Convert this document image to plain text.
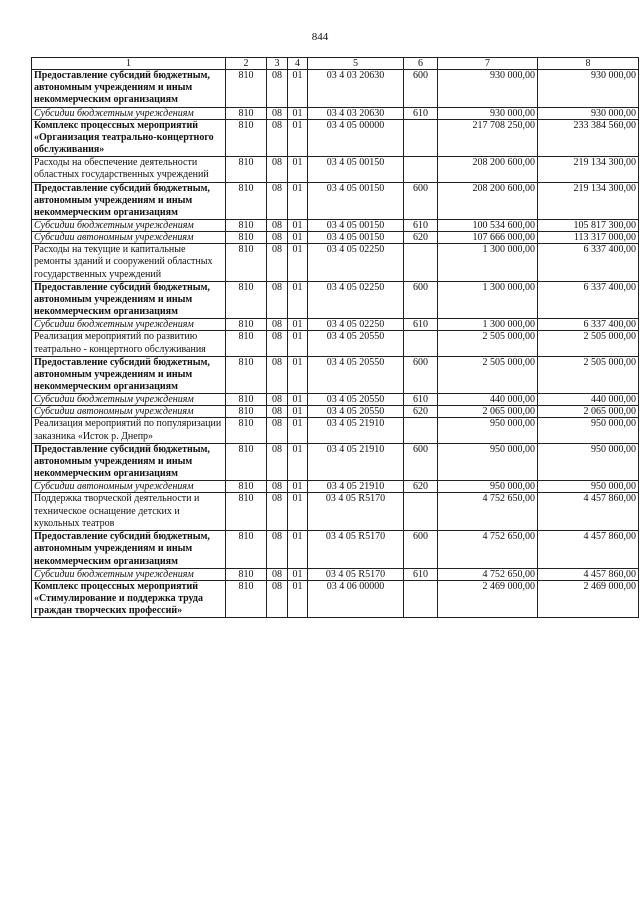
844
1	2	3	4	5	6	7	8
Предоставление субсидий бюджетным, автономным учреждениям и иным некоммерческим организациям	810	08	01	03 4 03 20630	600	930 000,00	930 000,00
Субсидии бюджетным учреждениям	810	08	01	03 4 03 20630	610	930 000,00	930 000,00
Комплекс процессных мероприятий «Организация театрально-концертного обслуживания»	810	08	01	03 4 05 00000		217 708 250,00	233 384 560,00
Расходы на обеспечение деятельности областных государственных учреждений	810	08	01	03 4 05 00150		208 200 600,00	219 134 300,00
Предоставление субсидий бюджетным, автономным учреждениям и иным некоммерческим организациям	810	08	01	03 4 05 00150	600	208 200 600,00	219 134 300,00
Субсидии бюджетным учреждениям	810	08	01	03 4 05 00150	610	100 534 600,00	105 817 300,00
Субсидии автономным учреждениям	810	08	01	03 4 05 00150	620	107 666 000,00	113 317 000,00
Расходы на текущие и капитальные ремонты зданий и сооружений областных государственных учреждений	810	08	01	03 4 05 02250		1 300 000,00	6 337 400,00
Предоставление субсидий бюджетным, автономным учреждениям и иным некоммерческим организациям	810	08	01	03 4 05 02250	600	1 300 000,00	6 337 400,00
Субсидии бюджетным учреждениям	810	08	01	03 4 05 02250	610	1 300 000,00	6 337 400,00
Реализация мероприятий по развитию театрально - концертного обслуживания	810	08	01	03 4 05 20550		2 505 000,00	2 505 000,00
Предоставление субсидий бюджетным, автономным учреждениям и иным некоммерческим организациям	810	08	01	03 4 05 20550	600	2 505 000,00	2 505 000,00
Субсидии бюджетным учреждениям	810	08	01	03 4 05 20550	610	440 000,00	440 000,00
Субсидии автономным учреждениям	810	08	01	03 4 05 20550	620	2 065 000,00	2 065 000,00
Реализация мероприятий по популяризации заказника «Исток р. Днепр»	810	08	01	03 4 05 21910		950 000,00	950 000,00
Предоставление субсидий бюджетным, автономным учреждениям и иным некоммерческим организациям	810	08	01	03 4 05 21910	600	950 000,00	950 000,00
Субсидии автономным учреждениям	810	08	01	03 4 05 21910	620	950 000,00	950 000,00
Поддержка творческой деятельности и техническое оснащение детских и кукольных театров	810	08	01	03 4 05 R5170		4 752 650,00	4 457 860,00
Предоставление субсидий бюджетным, автономным учреждениям и иным некоммерческим организациям	810	08	01	03 4 05 R5170	600	4 752 650,00	4 457 860,00
Субсидии бюджетным учреждениям	810	08	01	03 4 05 R5170	610	4 752 650,00	4 457 860,00
Комплекс процессных мероприятий «Стимулирование и поддержка труда граждан творческих профессий»	810	08	01	03 4 06 00000		2 469 000,00	2 469 000,00
